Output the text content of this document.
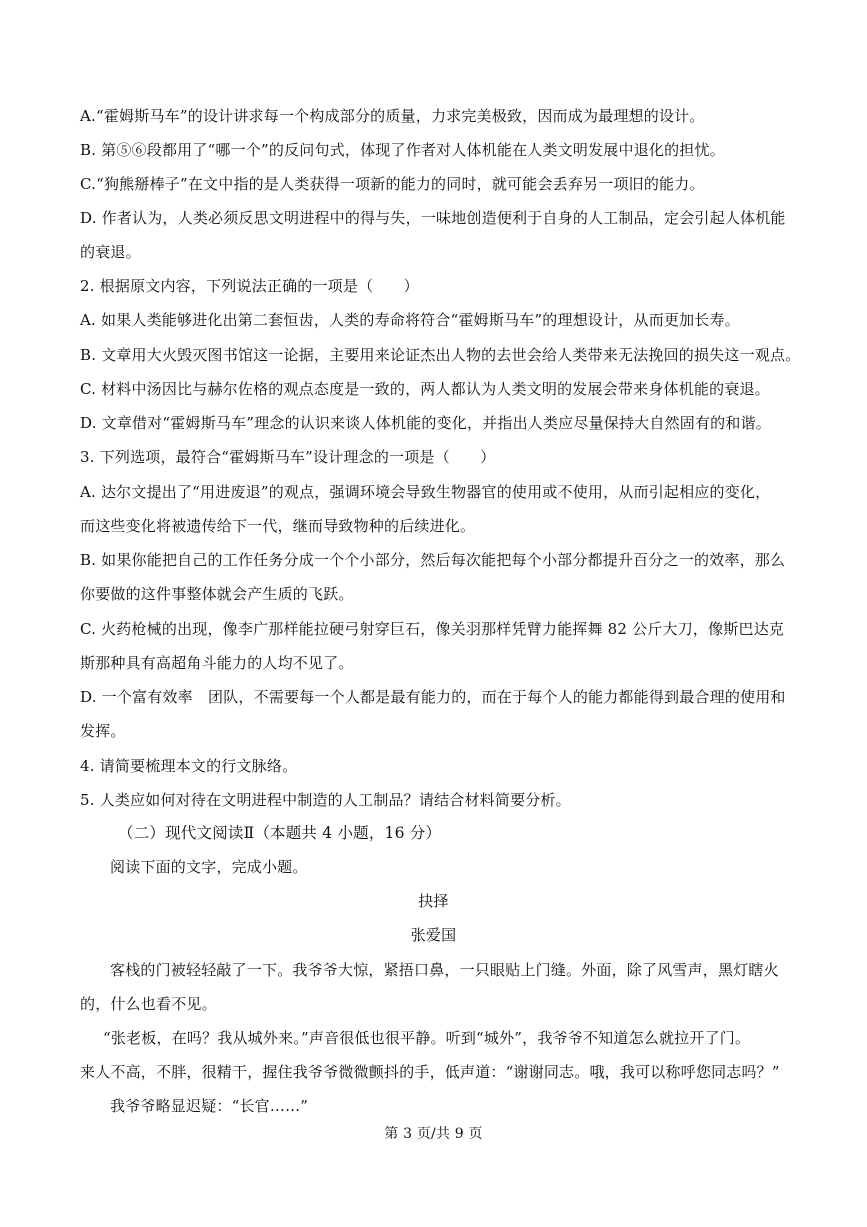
A.“霍姆斯马车”的设计讲求每一个构成部分的质量，力求完美极致，因而成为最理想的设计。
B. 第⑤⑥段都用了“哪一个”的反问句式，体现了作者对人体机能在人类文明发展中退化的担忧。
C.“狗熊掰棒子”在文中指的是人类获得一项新的能力的同时，就可能会丢弃另一项旧的能力。
D. 作者认为，人类必须反思文明进程中的得与失，一味地创造便利于自身的人工制品，定会引起人体机能
的衰退。
2. 根据原文内容，下列说法正确的一项是（　　）
A. 如果人类能够进化出第二套恒齿，人类的寿命将符合“霍姆斯马车”的理想设计，从而更加长寿。
B. 文章用大火毁灭图书馆这一论据，主要用来论证杰出人物的去世会给人类带来无法挽回的损失这一观点。
C. 材料中汤因比与赫尔佐格的观点态度是一致的，两人都认为人类文明的发展会带来身体机能的衰退。
D. 文章借对“霍姆斯马车”理念的认识来谈人体机能的变化，并指出人类应尽量保持大自然固有的和谐。
3. 下列选项，最符合“霍姆斯马车”设计理念的一项是（　　）
A. 达尔文提出了“用进废退”的观点，强调环境会导致生物器官的使用或不使用，从而引起相应的变化，
而这些变化将被遗传给下一代，继而导致物种的后续进化。
B. 如果你能把自己的工作任务分成一个个小部分，然后每次能把每个小部分都提升百分之一的效率，那么
你要做的这件事整体就会产生质的飞跃。
C. 火药枪械的出现，像李广那样能拉硬弓射穿巨石，像关羽那样凭臂力能挥舞 82 公斤大刀，像斯巴达克
斯那种具有高超角斗能力的人均不见了。
D. 一个富有效率　团队，不需要每一个人都是最有能力的，而在于每个人的能力都能得到最合理的使用和
发挥。
4. 请简要梳理本文的行文脉络。
5. 人类应如何对待在文明进程中制造的人工制品？请结合材料简要分析。
（二）现代文阅读Ⅱ（本题共 4 小题，16 分）
阅读下面的文字，完成小题。
抉择
张爱国
客栈的门被轻轻敲了一下。我爷爷大惊，紧捂口鼻，一只眼贴上门缝。外面，除了风雪声，黑灯瞎火
的，什么也看不见。
“张老板，在吗？我从城外来。”声音很低也很平静。听到“城外”，我爷爷不知道怎么就拉开了门。
来人不高，不胖，很精干，握住我爷爷微微颤抖的手，低声道：“谢谢同志。哦，我可以称呼您同志吗？”
我爷爷略显迟疑：“长官……”
第 3 页/共 9 页
